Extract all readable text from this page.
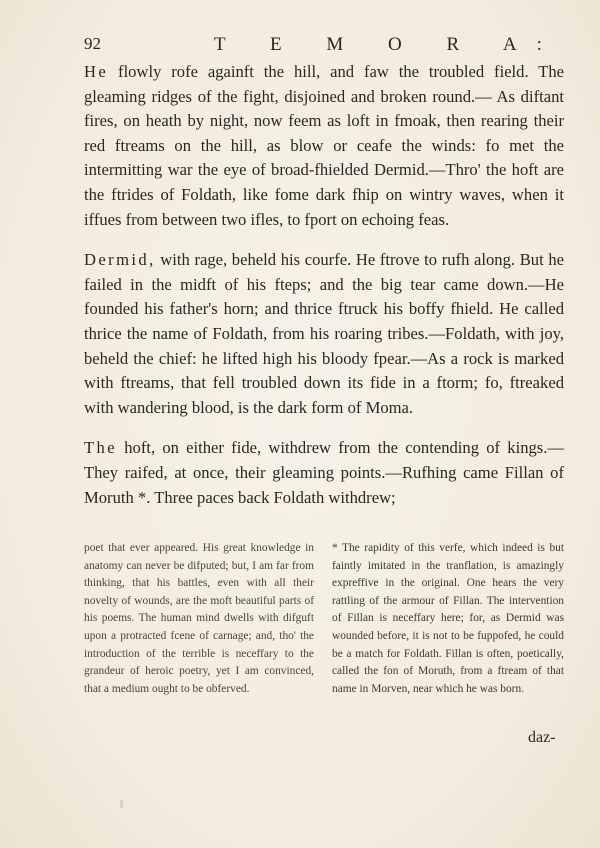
92	T E M O R A:

He flowly rofe againft the hill, and faw the troubled field. The gleaming ridges of the fight, disjoined and broken round.— As diftant fires, on heath by night, now feem as loft in fmoak, then rearing their red ftreams on the hill, as blow or ceafe the winds: fo met the intermitting war the eye of broad-fhielded Dermid.—Thro' the hoft are the ftrides of Foldath, like fome dark fhip on wintry waves, when it iffues from between two ifles, to fport on echoing feas.

Dermid, with rage, beheld his courfe. He ftrove to rufh along. But he failed in the midft of his fteps; and the big tear came down.—He founded his father's horn; and thrice ftruck his boffy fhield. He called thrice the name of Foldath, from his roaring tribes.—Foldath, with joy, beheld the chief: he lifted high his bloody fpear.—As a rock is marked with ftreams, that fell troubled down its fide in a ftorm; fo, ftreaked with wandering blood, is the dark form of Moma.

The hoft, on either fide, withdrew from the contending of kings.—They raifed, at once, their gleaming points.—Rufhing came Fillan of Moruth *. Three paces back Foldath withdrew;

poet that ever appeared. His great knowledge in anatomy can never be difputed; but, I am far from thinking, that his battles, even with all their novelty of wounds, are the moft beautiful parts of his poems. The human mind dwells with difguft upon a protracted fcene of carnage; and, tho' the introduction of the terrible is neceffary to the grandeur of heroic poetry, yet I am convinced, that a medium ought to be obferved.
* The rapidity of this verfe, which indeed is but faintly imitated in the tranflation, is amazingly expreffive in the original. One hears the very rattling of the armour of Fillan. The intervention of Fillan is neceffary here; for, as Dermid was wounded before, it is not to be fuppofed, he could be a match for Foldath. Fillan is often, poetically, called the fon of Moruth, from a ftream of that name in Morven, near which he was born.
daz-
